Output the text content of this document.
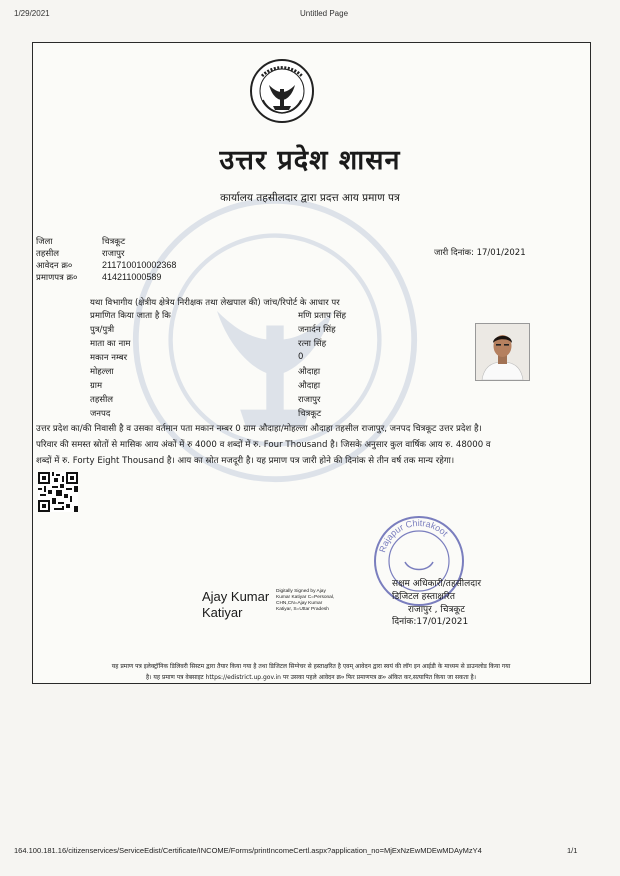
1/29/2021	Untitled Page
उत्तर प्रदेश शासन
कार्यालय तहसीलदार द्वारा प्रदत्त आय प्रमाण पत्र
जिला	चित्रकूट
तहसील	राजापुर
आवेदन क्र०	211710010002368
प्रमाणपत्र क्र०	414211000589
जारी दिनांक: 17/01/2021
यथा विभागीय (क्षेत्रीय क्षेत्रेय निरीक्षक तथा लेखपाल की) जांच/रिपोर्ट के आधार पर
प्रमाणित किया जाता है कि	मणि प्रताप सिंह
पुत्र/पुत्री	जनार्दन सिंह
माता का नाम	रत्ना सिंह
मकान नम्बर	0
मोहल्ला	औदाहा
ग्राम	औदाहा
तहसील	राजापुर
जनपद	चित्रकूट
उत्तर प्रदेश का/की निवासी है व उसका वर्तमान पता मकान नम्बर 0 ग्राम औदाहा/मोहल्ला औदाहा तहसील राजापुर, जनपद चित्रकूट उत्तर प्रदेश है।
परिवार की समस्त स्रोतों से मासिक आय अंकों में रु 4000 व शब्दों में रु. Four Thousand है। जिसके अनुसार कुल वार्षिक आय रु. 48000 व
शब्दों में रु. Forty Eight Thousand है। आय का स्रोत मजदूरी है। यह प्रमाण पत्र जारी होने की दिनांक से तीन वर्ष तक मान्य रहेगा।
Rajapur Chitrakoot
Ajay Kumar
Katiyar
Digitally Signed by Ajay
Kumar Katiyar C=Personal,
CHN,CN=Ajay Kumar
Katiyar, S=Uttar Pradesh
सक्षम अधिकारी/तहसीलदार
डिजिटल हस्ताक्षरित
राजापुर , चित्रकूट
दिनांक:17/01/2021
यह प्रमाण पत्र इलेक्ट्रॉनिक डिलिवरी सिस्टम द्वारा तैयार किया गया है तथा डिजिटल सिग्नेचर से हस्ताक्षरित है एवम् आवेदन द्वारा स्वयं की लॉग इन आईडी के माध्यम से डाउनलोड किया गया
है। यह प्रमाण पत्र वेबसाइट https://edistrict.up.gov.in पर उसका पहले आवेदन क्र० फिर प्रमाणपत्र क्र० अंकित कर,सत्यापित किया जा सकता है।
164.100.181.16/citizenservices/ServiceEdist/Certificate/INCOME/Forms/printIncomeCertl.aspx?application_no=MjExNzEwMDEwMDAyMzY4	1/1
